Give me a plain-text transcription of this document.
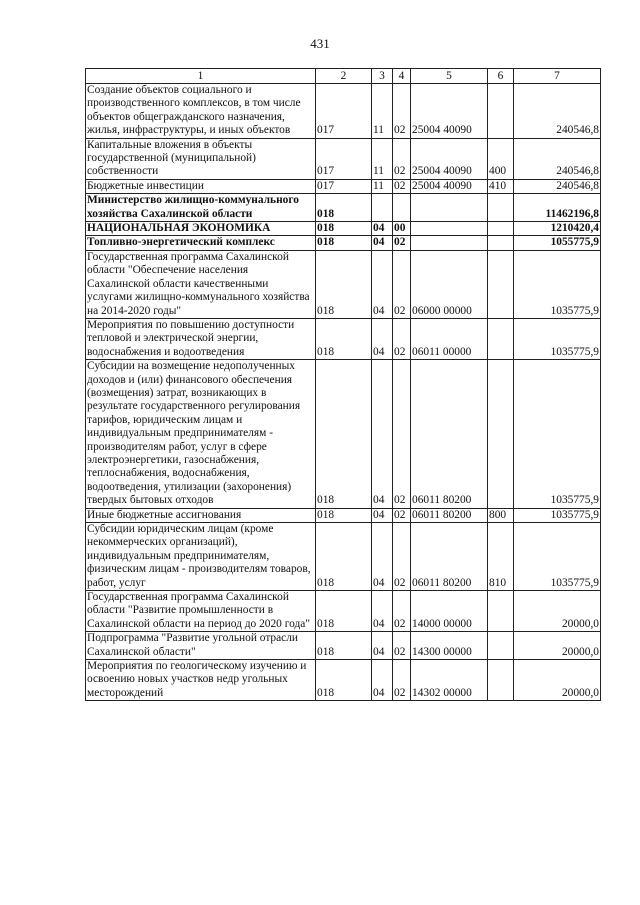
431
1	2	3	4	5	6	7
Создание объектов социального и производственного комплексов, в том числе объектов общегражданского назначения, жилья, инфраструктуры, и иных объектов	017	11	02	25004 40090		240546,8
Капитальные вложения в объекты государственной (муниципальной) собственности	017	11	02	25004 40090	400	240546,8
Бюджетные инвестиции	017	11	02	25004 40090	410	240546,8
Министерство жилищно-коммунального хозяйства Сахалинской области	018					11462196,8
НАЦИОНАЛЬНАЯ ЭКОНОМИКА	018	04	00			1210420,4
Топливно-энергетический комплекс	018	04	02			1055775,9
Государственная программа Сахалинской области "Обеспечение населения Сахалинской области качественными услугами жилищно-коммунального хозяйства на 2014-2020 годы"	018	04	02	06000 00000		1035775,9
Мероприятия по повышению доступности тепловой и электрической энергии, водоснабжения и водоотведения	018	04	02	06011 00000		1035775,9
Субсидии на возмещение недополученных доходов и (или) финансового обеспечения (возмещения) затрат, возникающих в результате государственного регулирования тарифов, юридическим лицам и индивидуальным предпринимателям - производителям работ, услуг в сфере электроэнергетики, газоснабжения, теплоснабжения, водоснабжения, водоотведения, утилизации (захоронения) твердых бытовых отходов	018	04	02	06011 80200		1035775,9
Иные бюджетные ассигнования	018	04	02	06011 80200	800	1035775,9
Субсидии юридическим лицам (кроме некоммерческих организаций), индивидуальным предпринимателям, физическим лицам - производителям товаров, работ, услуг	018	04	02	06011 80200	810	1035775,9
Государственная программа Сахалинской области "Развитие промышленности в Сахалинской области на период до 2020 года"	018	04	02	14000 00000		20000,0
Подпрограмма "Развитие угольной отрасли Сахалинской области"	018	04	02	14300 00000		20000,0
Мероприятия по геологическому изучению и освоению новых участков недр угольных месторождений	018	04	02	14302 00000		20000,0
